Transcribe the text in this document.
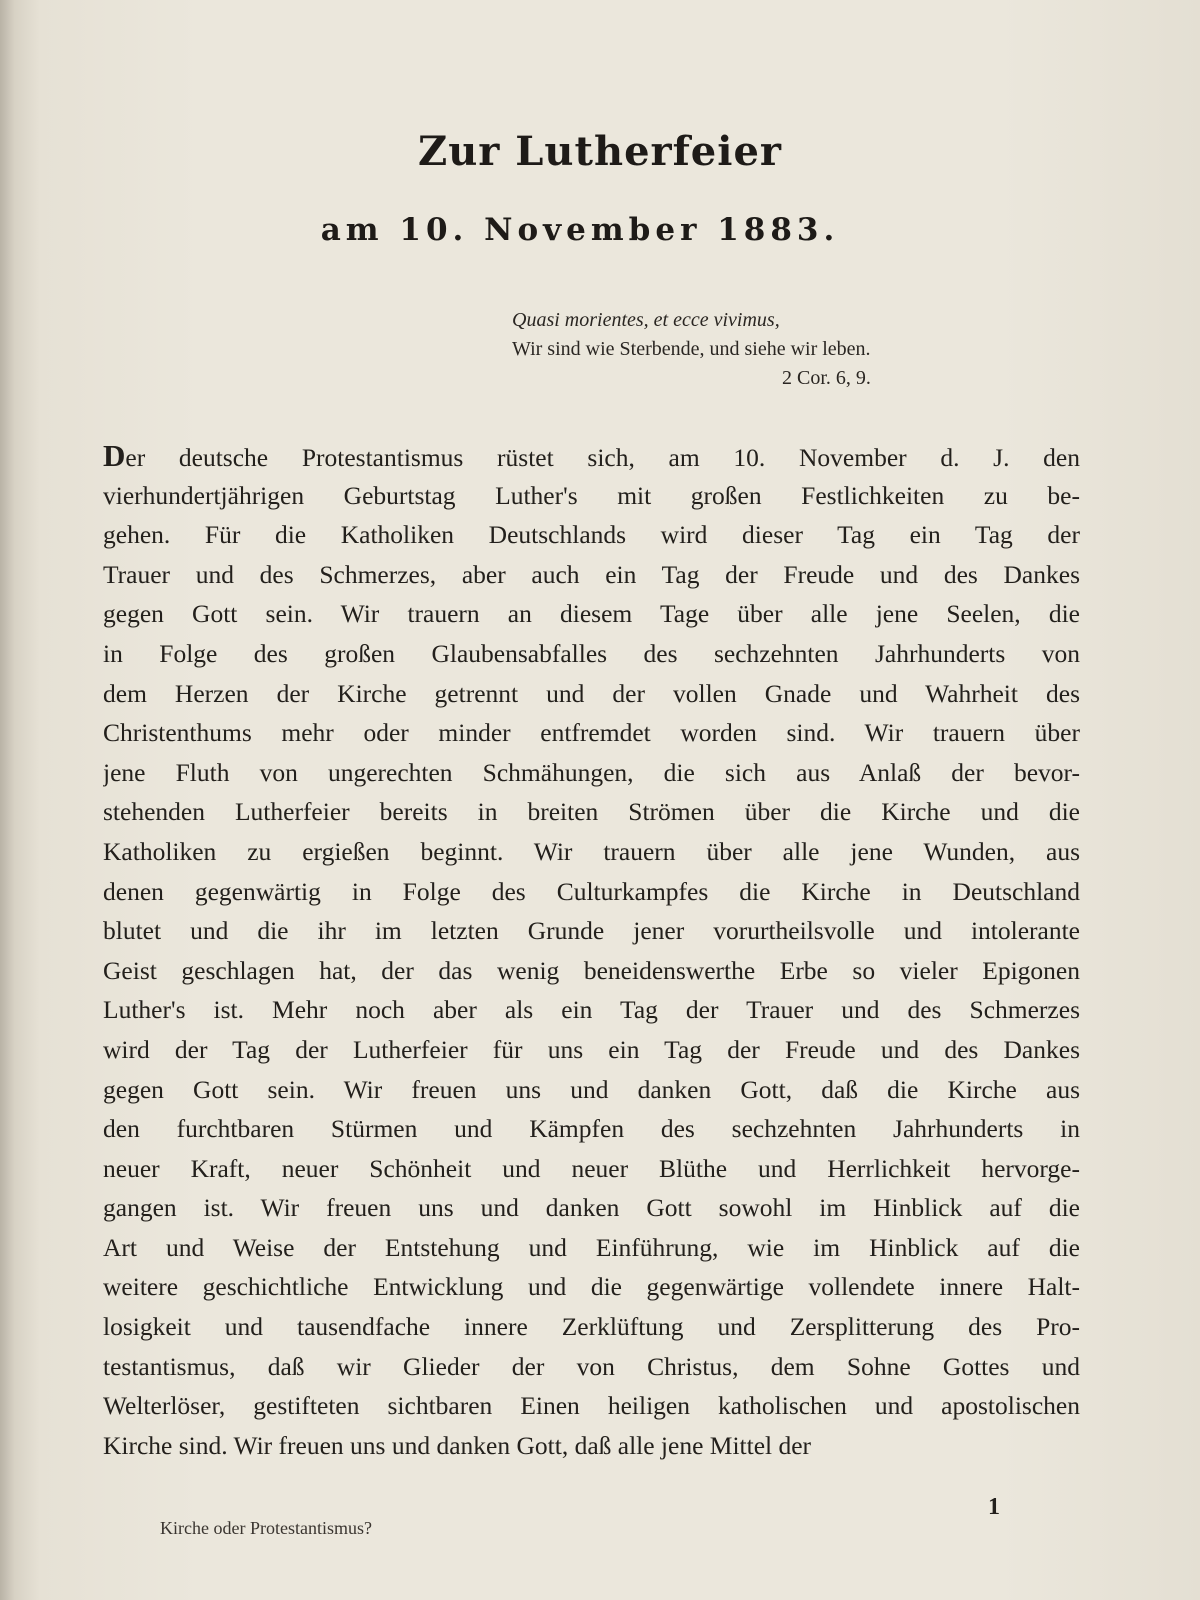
Zur Lutherfeier
am 10. November 1883.
Quasi morientes, et ecce vivimus,
Wir sind wie Sterbende, und siehe wir leben.
2 Cor. 6, 9.
Der deutsche Protestantismus rüstet sich, am 10. November d. J. den
vierhundertjährigen Geburtstag Luther's mit großen Festlichkeiten zu be-
gehen. Für die Katholiken Deutschlands wird dieser Tag ein Tag der
Trauer und des Schmerzes, aber auch ein Tag der Freude und des Dankes
gegen Gott sein. Wir trauern an diesem Tage über alle jene Seelen, die
in Folge des großen Glaubensabfalles des sechzehnten Jahrhunderts von
dem Herzen der Kirche getrennt und der vollen Gnade und Wahrheit des
Christenthums mehr oder minder entfremdet worden sind. Wir trauern über
jene Fluth von ungerechten Schmähungen, die sich aus Anlaß der bevor-
stehenden Lutherfeier bereits in breiten Strömen über die Kirche und die
Katholiken zu ergießen beginnt. Wir trauern über alle jene Wunden, aus
denen gegenwärtig in Folge des Culturkampfes die Kirche in Deutschland
blutet und die ihr im letzten Grunde jener vorurtheilsvolle und intolerante
Geist geschlagen hat, der das wenig beneidenswerthe Erbe so vieler Epigonen
Luther's ist. Mehr noch aber als ein Tag der Trauer und des Schmerzes
wird der Tag der Lutherfeier für uns ein Tag der Freude und des Dankes
gegen Gott sein. Wir freuen uns und danken Gott, daß die Kirche aus
den furchtbaren Stürmen und Kämpfen des sechzehnten Jahrhunderts in
neuer Kraft, neuer Schönheit und neuer Blüthe und Herrlichkeit hervorge-
gangen ist. Wir freuen uns und danken Gott sowohl im Hinblick auf die
Art und Weise der Entstehung und Einführung, wie im Hinblick auf die
weitere geschichtliche Entwicklung und die gegenwärtige vollendete innere Halt-
losigkeit und tausendfache innere Zerklüftung und Zersplitterung des Pro-
testantismus, daß wir Glieder der von Christus, dem Sohne Gottes und
Welterlöser, gestifteten sichtbaren Einen heiligen katholischen und apostolischen
Kirche sind. Wir freuen uns und danken Gott, daß alle jene Mittel der
1
Kirche oder Protestantismus?
